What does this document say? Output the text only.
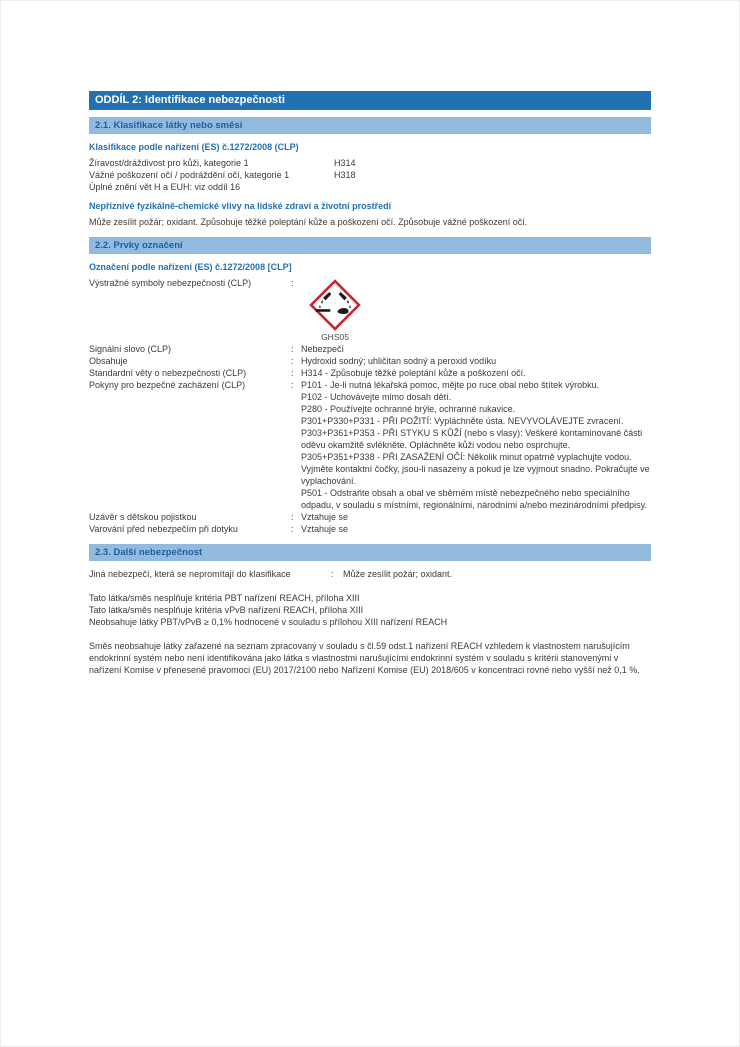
ODDÍL 2: Identifikace nebezpečnosti
2.1. Klasifikace látky nebo směsi
Klasifikace podle nařízení (ES) č.1272/2008 (CLP)
Žíravost/dráždivost pro kůži, kategorie 1	H314
Vážné poškození očí / podráždění očí, kategorie 1	H318
Úplné znění vět H a EUH: viz oddíl 16
Nepříznivé fyzikálně-chemické vlivy na lidské zdraví a životní prostředí
Může zesílit požár; oxidant. Způsobuje těžké poleptání kůže a poškození očí. Způsobuje vážné poškození očí.
2.2. Prvky označení
Označení podle nařízení (ES) č.1272/2008 [CLP]
Výstražné symboly nebezpečnosti (CLP)	:
GHS05
Signální slovo (CLP)	: Nebezpečí
Obsahuje	: Hydroxid sodný; uhličitan sodný a peroxid vodíku
Standardní věty o nebezpečnosti (CLP)	: H314 - Způsobuje těžké poleptání kůže a poškození očí.
Pokyny pro bezpečné zacházení (CLP)	: P101 - Je-li nutná lékařská pomoc, mějte po ruce obal nebo štítek výrobku.
P102 - Uchovávejte mimo dosah dětí.
P280 - Používejte ochranné brýle, ochranné rukavice.
P301+P330+P331 - PŘI POŽITÍ: Vypláchněte ústa. NEVYVOLÁVEJTE zvracení.
P303+P361+P353 - PŘI STYKU S KŮŽÍ (nebo s vlasy): Veškeré kontaminované části oděvu okamžitě svlékněte. Opláchněte kůži vodou nebo osprchujte.
P305+P351+P338 - PŘI ZASAŽENÍ OČÍ: Několik minut opatrně vyplachujte vodou. Vyjměte kontaktní čočky, jsou-li nasazeny a pokud je lze vyjmout snadno. Pokračujte ve vyplachování.
P501 - Odstraňte obsah a obal ve sběrném místě nebezpečného nebo speciálního odpadu, v souladu s místními, regionálními, národními a/nebo mezinárodními předpisy.
Uzávěr s dětskou pojistkou	: Vztahuje se
Varování před nebezpečím při dotyku	: Vztahuje se
2.3. Další nebezpečnost
Jiná nebezpečí, která se nepromítají do klasifikace	:	Může zesílit požár; oxidant.
Tato látka/směs nesplňuje kritéria PBT nařízení REACH, příloha XIII
Tato látka/směs nesplňuje kritéria vPvB nařízení REACH, příloha XIII
Neobsahuje látky PBT/vPvB ≥ 0,1% hodnocené v souladu s přílohou XIII nařízení REACH
Směs neobsahuje látky zařazené na seznam zpracovaný v souladu s čl.59 odst.1 nařízení REACH vzhledem k vlastnostem narušujícím endokrinní systém nebo není identifikována jako látka s vlastnostmi narušujícími endokrinní systém v souladu s kritérii stanovenými v nařízení Komise v přenesené pravomoci (EU) 2017/2100 nebo Nařízení Komise (EU) 2018/605 v koncentraci rovné nebo vyšší než 0,1 %.
